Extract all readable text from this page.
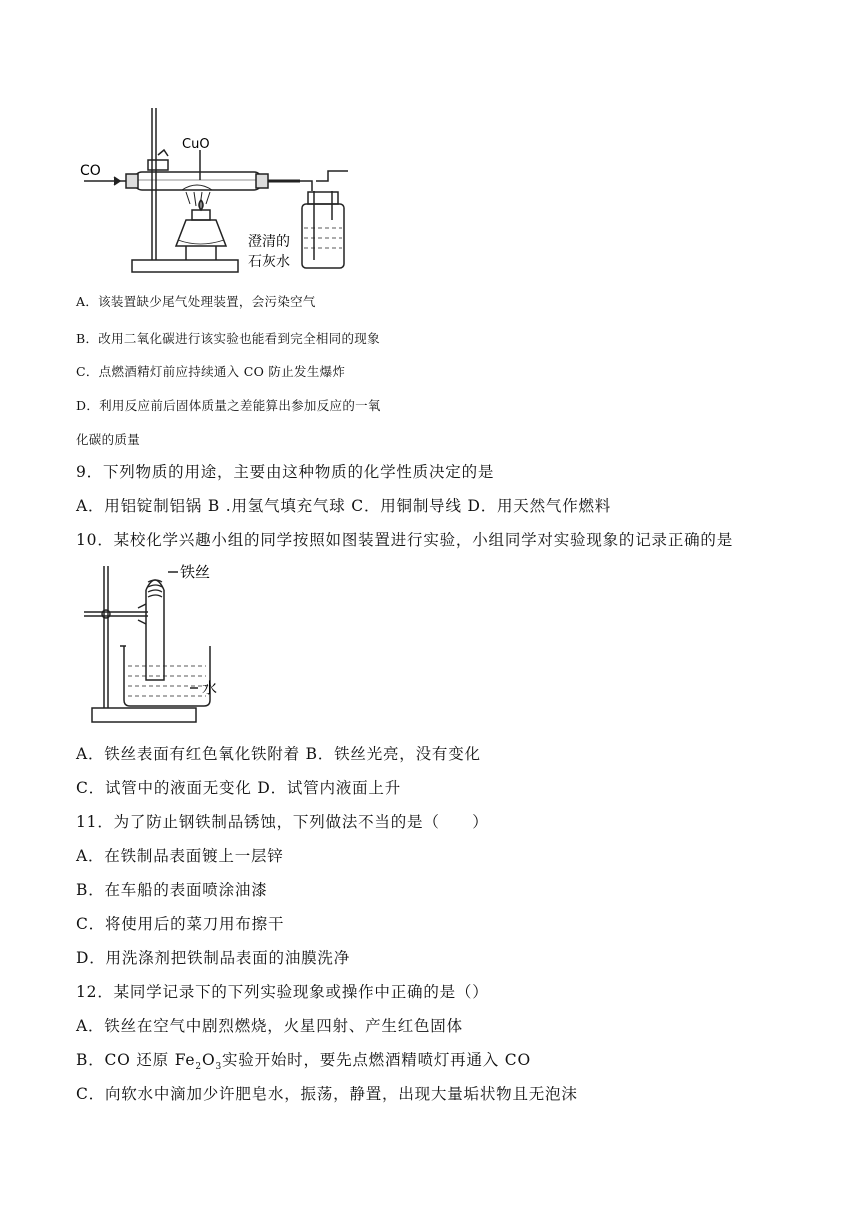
CO
CuO
澄清的
石灰水
A．该装置缺少尾气处理装置，会污染空气
B．改用二氧化碳进行该实验也能看到完全相同的现象
C．点燃酒精灯前应持续通入 CO 防止发生爆炸
D．利用反应前后固体质量之差能算出参加反应的一氧
化碳的质量
9．下列物质的用途，主要由这种物质的化学性质决定的是
A．用铝锭制铝锅 B .用氢气填充气球 C．用铜制导线 D．用天然气作燃料
10．某校化学兴趣小组的同学按照如图装置进行实验，小组同学对实验现象的记录正确的是
铁丝
水
A．铁丝表面有红色氧化铁附着 B．铁丝光亮，没有变化
C．试管中的液面无变化 D．试管内液面上升
11．为了防止钢铁制品锈蚀，下列做法不当的是（　　）
A．在铁制品表面镀上一层锌
B．在车船的表面喷涂油漆
C．将使用后的菜刀用布擦干
D．用洗涤剂把铁制品表面的油膜洗净
12．某同学记录下的下列实验现象或操作中正确的是（）
A．铁丝在空气中剧烈燃烧，火星四射、产生红色固体
B．CO 还原 $Fe_2O_3$实验开始时，要先点燃酒精喷灯再通入 CO
C．向软水中滴加少许肥皂水，振荡，静置，出现大量垢状物且无泡沫
